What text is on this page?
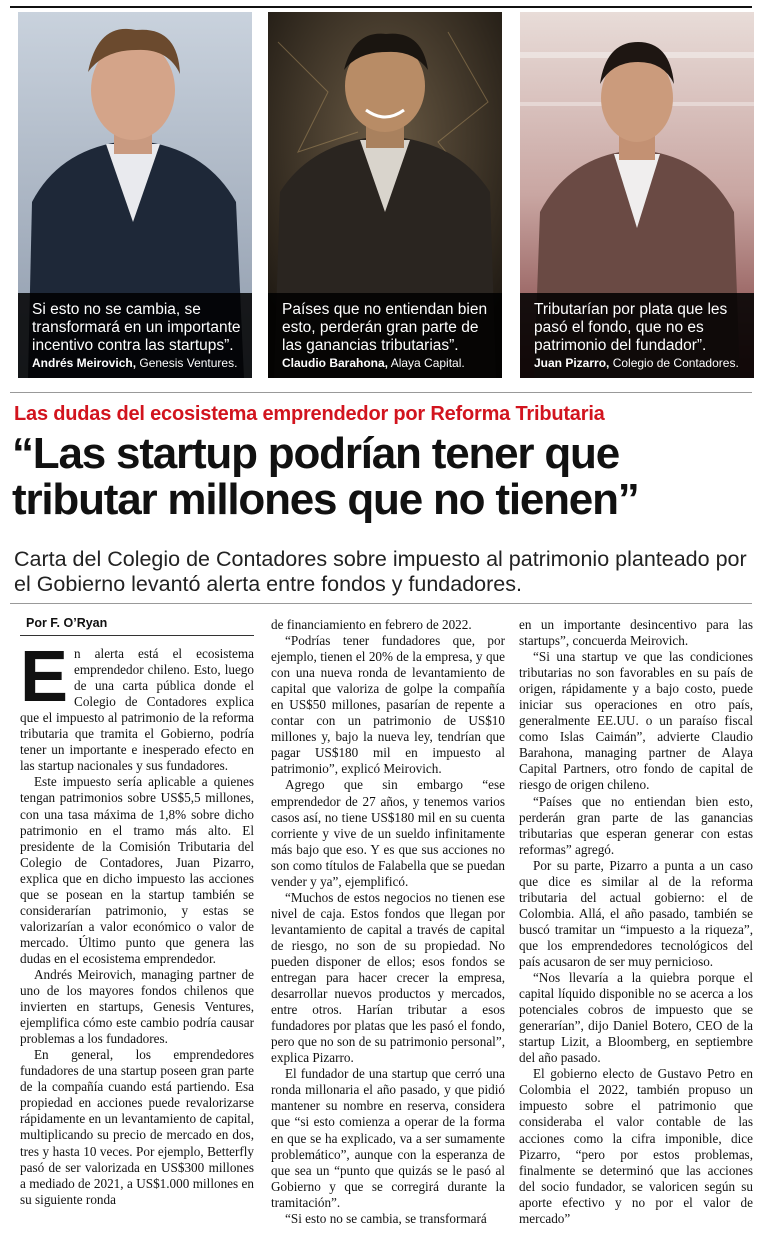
Si esto no se cambia, se transformará en un importante incentivo contra las startups”.
Andrés Meirovich, Genesis Ventures.
Países que no entiendan bien esto, perderán gran parte de las ganancias tributarias”.
Claudio Barahona, Alaya Capital.
Tributarían por plata que les pasó el fondo, que no es patrimonio del fundador”.
Juan Pizarro, Colegio de Contadores.
Las dudas del ecosistema emprendedor por Reforma Tributaria
“Las startup podrían tener que tributar millones que no tienen”
Carta del Colegio de Contadores sobre impuesto al patrimonio planteado por el Gobierno levantó alerta entre fondos y fundadores.
Por F. O’Ryan

En alerta está el ecosistema emprendedor chileno. Esto, luego de una carta pública donde el Colegio de Contadores explica que el impuesto al patrimonio de la reforma tributaria que tramita el Gobierno, podría tener un importante e inesperado efecto en las startup nacionales y sus fundadores.

Este impuesto sería aplicable a quienes tengan patrimonios sobre US$5,5 millones, con una tasa máxima de 1,8% sobre dicho patrimonio en el tramo más alto. El presidente de la Comisión Tributaria del Colegio de Contadores, Juan Pizarro, explica que en dicho impuesto las acciones que se posean en la startup también se considerarían patrimonio, y estas se valorizarían a valor económico o valor de mercado. Último punto que genera las dudas en el ecosistema emprendedor.

Andrés Meirovich, managing partner de uno de los mayores fondos chilenos que invierten en startups, Genesis Ventures, ejemplifica cómo este cambio podría causar problemas a los fundadores.

En general, los emprendedores fundadores de una startup poseen gran parte de la compañía cuando está partiendo. Esa propiedad en acciones puede revalorizarse rápidamente en un levantamiento de capital, multiplicando su precio de mercado en dos, tres y hasta 10 veces. Por ejemplo, Betterfly pasó de ser valorizada en US$300 millones a mediado de 2021, a US$1.000 millones en su siguiente ronda

de financiamiento en febrero de 2022.

“Podrías tener fundadores que, por ejemplo, tienen el 20% de la empresa, y que con una nueva ronda de levantamiento de capital que valoriza de golpe la compañía en US$50 millones, pasarían de repente a contar con un patrimonio de US$10 millones y, bajo la nueva ley, tendrían que pagar US$180 mil en impuesto al patrimonio”, explicó Meirovich.

Agrego que sin embargo “ese emprendedor de 27 años, y tenemos varios casos así, no tiene US$180 mil en su cuenta corriente y vive de un sueldo infinitamente más bajo que eso. Y es que sus acciones no son como títulos de Falabella que se puedan vender y ya”, ejemplificó.

“Muchos de estos negocios no tienen ese nivel de caja. Estos fondos que llegan por levantamiento de capital a través de capital de riesgo, no son de su propiedad. No pueden disponer de ellos; esos fondos se entregan para hacer crecer la empresa, desarrollar nuevos productos y mercados, entre otros. Harían tributar a esos fundadores por platas que les pasó el fondo, pero que no son de su patrimonio personal”, explica Pizarro.

El fundador de una startup que cerró una ronda millonaria el año pasado, y que pidió mantener su nombre en reserva, considera que “si esto comienza a operar de la forma en que se ha explicado, va a ser sumamente problemático”, aunque con la esperanza de que sea un “punto que quizás se le pasó al Gobierno y que se corregirá durante la tramitación”.

“Si esto no se cambia, se transformará

en un importante desincentivo para las startups”, concuerda Meirovich.

“Si una startup ve que las condiciones tributarias no son favorables en su país de origen, rápidamente y a bajo costo, puede iniciar sus operaciones en otro país, generalmente EE.UU. o un paraíso fiscal como Islas Caimán”, advierte Claudio Barahona, managing partner de Alaya Capital Partners, otro fondo de capital de riesgo de origen chileno.

“Países que no entiendan bien esto, perderán gran parte de las ganancias tributarias que esperan generar con estas reformas” agregó.

Por su parte, Pizarro a punta a un caso que dice es similar al de la reforma tributaria del actual gobierno: el de Colombia. Allá, el año pasado, también se buscó tramitar un “impuesto a la riqueza”, que los emprendedores tecnológicos del país acusaron de ser muy pernicioso.

“Nos llevaría a la quiebra porque el capital líquido disponible no se acerca a los potenciales cobros de impuesto que se generarían”, dijo Daniel Botero, CEO de la startup Lizit, a Bloomberg, en septiembre del año pasado.

El gobierno electo de Gustavo Petro en Colombia el 2022, también propuso un impuesto sobre el patrimonio que consideraba el valor contable de las acciones como la cifra imponible, dice Pizarro, “pero por estos problemas, finalmente se determinó que las acciones del socio fundador, se valoricen según su aporte efectivo y no por el valor de mercado”
